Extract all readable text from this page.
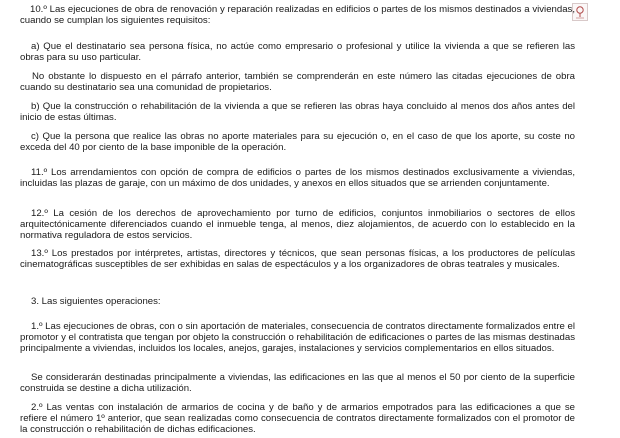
10.º Las ejecuciones de obra de renovación y reparación realizadas en edificios o partes de los mismos destinados a viviendas, cuando se cumplan los siguientes requisitos:

a) Que el destinatario sea persona física, no actúe como empresario o profesional y utilice la vivienda a que se refieren las obras para su uso particular.

No obstante lo dispuesto en el párrafo anterior, también se comprenderán en este número las citadas ejecuciones de obra cuando su destinatario sea una comunidad de propietarios.

b) Que la construcción o rehabilitación de la vivienda a que se refieren las obras haya concluido al menos dos años antes del inicio de estas últimas.

c) Que la persona que realice las obras no aporte materiales para su ejecución o, en el caso de que los aporte, su coste no exceda del 40 por ciento de la base imponible de la operación.

11.º Los arrendamientos con opción de compra de edificios o partes de los mismos destinados exclusivamente a viviendas, incluidas las plazas de garaje, con un máximo de dos unidades, y anexos en ellos situados que se arrienden conjuntamente.

12.º La cesión de los derechos de aprovechamiento por turno de edificios, conjuntos inmobiliarios o sectores de ellos arquitectónicamente diferenciados cuando el inmueble tenga, al menos, diez alojamientos, de acuerdo con lo establecido en la normativa reguladora de estos servicios.

13.º Los prestados por intérpretes, artistas, directores y técnicos, que sean personas físicas, a los productores de películas cinematográficas susceptibles de ser exhibidas en salas de espectáculos y a los organizadores de obras teatrales y musicales.

3. Las siguientes operaciones:

1.º Las ejecuciones de obras, con o sin aportación de materiales, consecuencia de contratos directamente formalizados entre el promotor y el contratista que tengan por objeto la construcción o rehabilitación de edificaciones o partes de las mismas destinadas principalmente a viviendas, incluidos los locales, anejos, garajes, instalaciones y servicios complementarios en ellos situados.

Se considerarán destinadas principalmente a viviendas, las edificaciones en las que al menos el 50 por ciento de la superficie construida se destine a dicha utilización.

2.º Las ventas con instalación de armarios de cocina y de baño y de armarios empotrados para las edificaciones a que se refiere el número 1º anterior, que sean realizadas como consecuencia de contratos directamente formalizados con el promotor de la construcción o rehabilitación de dichas edificaciones.
